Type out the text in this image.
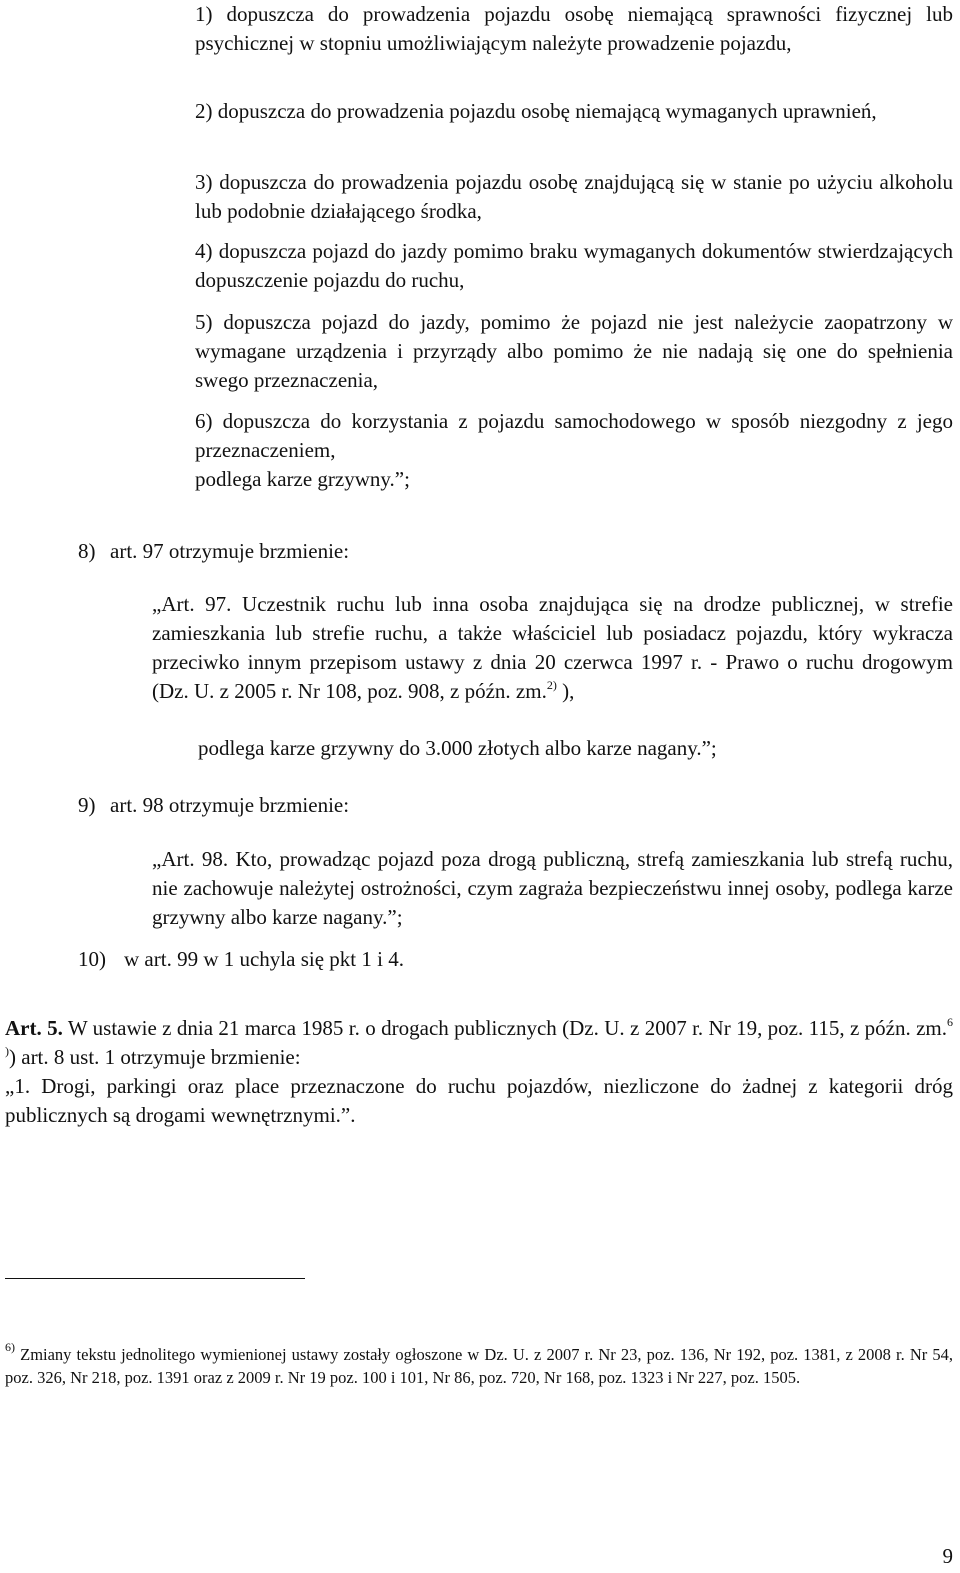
1) dopuszcza do prowadzenia pojazdu osobę niemającą sprawności fizycznej lub psychicznej w stopniu umożliwiającym należyte prowadzenie pojazdu,

2) dopuszcza do prowadzenia pojazdu osobę niemającą wymaganych uprawnień,

3) dopuszcza do prowadzenia pojazdu osobę znajdującą się w stanie po użyciu alkoholu lub podobnie działającego środka,

4) dopuszcza pojazd do jazdy pomimo braku wymaganych dokumentów stwierdzających dopuszczenie pojazdu do ruchu,

5) dopuszcza pojazd do jazdy, pomimo że pojazd nie jest należycie zaopatrzony w wymagane urządzenia i przyrządy albo pomimo że nie nadają się one do spełnienia swego przeznaczenia,

6) dopuszcza do korzystania z pojazdu samochodowego w sposób niezgodny z jego przeznaczeniem,

podlega karze grzywny.”;

8) art. 97 otrzymuje brzmienie:

„Art. 97. Uczestnik ruchu lub inna osoba znajdująca się na drodze publicznej, w strefie zamieszkania lub strefie ruchu, a także właściciel lub posiadacz pojazdu, który wykracza przeciwko innym przepisom ustawy z dnia 20 czerwca 1997 r. - Prawo o ruchu drogowym (Dz. U. z 2005 r. Nr 108, poz. 908, z późn. zm.$^{2)}$ ),

podlega karze grzywny do 3.000 złotych albo karze nagany.”;

9) art. 98 otrzymuje brzmienie:

„Art. 98. Kto, prowadząc pojazd poza drogą publiczną, strefą zamieszkania lub strefą ruchu, nie zachowuje należytej ostrożności, czym zagraża bezpieczeństwu innej osoby, podlega karze grzywny albo karze nagany.”;

10) w art. 99 w 1 uchyla się pkt 1 i 4.

Art. 5. W ustawie z dnia 21 marca 1985 r. o drogach publicznych (Dz. U. z 2007 r. Nr 19, poz. 115, z późn. zm.$^{6 )}$) art. 8 ust. 1 otrzymuje brzmienie:

„1. Drogi, parkingi oraz place przeznaczone do ruchu pojazdów, niezliczone do żadnej z kategorii dróg publicznych są drogami wewnętrznymi.”.

$^{6)}$ Zmiany tekstu jednolitego wymienionej ustawy zostały ogłoszone w Dz. U. z 2007 r. Nr 23, poz. 136, Nr 192, poz. 1381, z 2008 r. Nr 54, poz. 326, Nr 218, poz. 1391 oraz z 2009 r. Nr 19 poz. 100 i 101, Nr 86, poz. 720, Nr 168, poz. 1323 i Nr 227, poz. 1505.

9
